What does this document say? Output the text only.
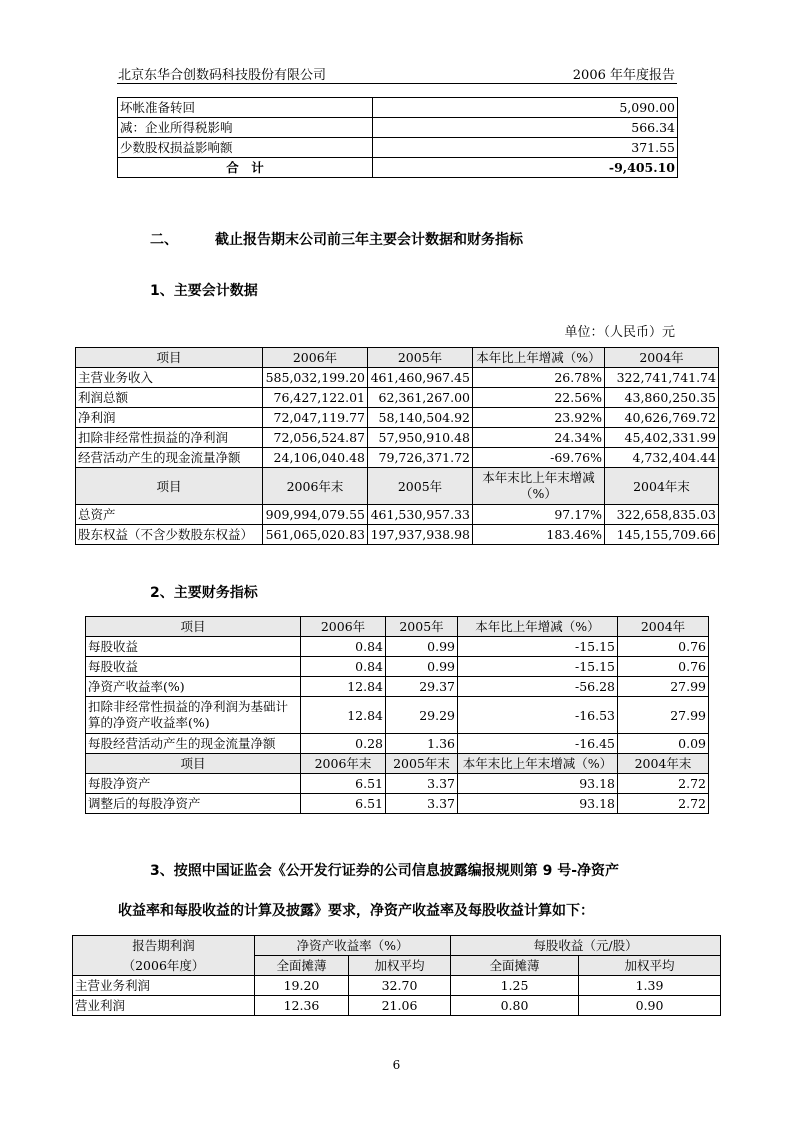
北京东华合创数码科技股份有限公司	2006 年年度报告
坏帐准备转回	5,090.00
减：企业所得税影响	566.34
少数股权损益影响额	371.55
合　计	-9,405.10
二、	截止报告期末公司前三年主要会计数据和财务指标
1、主要会计数据
单位：（人民币）元
项目	2006年	2005年	本年比上年增减（%）	2004年
主营业务收入	585,032,199.20	461,460,967.45	26.78%	322,741,741.74
利润总额	76,427,122.01	62,361,267.00	22.56%	43,860,250.35
净利润	72,047,119.77	58,140,504.92	23.92%	40,626,769.72
扣除非经常性损益的净利润	72,056,524.87	57,950,910.48	24.34%	45,402,331.99
经营活动产生的现金流量净额	24,106,040.48	79,726,371.72	-69.76%	4,732,404.44
项目	2006年末	2005年	本年末比上年末增减（%）	2004年末
总资产	909,994,079.55	461,530,957.33	97.17%	322,658,835.03
股东权益（不含少数股东权益）	561,065,020.83	197,937,938.98	183.46%	145,155,709.66
2、主要财务指标
项目	2006年	2005年	本年比上年增减（%）	2004年
每股收益	0.84	0.99	-15.15	0.76
每股收益	0.84	0.99	-15.15	0.76
净资产收益率(%)	12.84	29.37	-56.28	27.99
扣除非经常性损益的净利润为基础计算的净资产收益率(%)	12.84	29.29	-16.53	27.99
每股经营活动产生的现金流量净额	0.28	1.36	-16.45	0.09
项目	2006年末	2005年末	本年末比上年末增减（%）	2004年末
每股净资产	6.51	3.37	93.18	2.72
调整后的每股净资产	6.51	3.37	93.18	2.72
3、按照中国证监会《公开发行证券的公司信息披露编报规则第 9 号-净资产
收益率和每股收益的计算及披露》要求，净资产收益率及每股收益计算如下：
报告期利润	净资产收益率（%）		每股收益（元/股）	
（2006年度）	全面摊薄	加权平均	全面摊薄	加权平均
主营业务利润	19.20	32.70	1.25	1.39
营业利润	12.36	21.06	0.80	0.90
6
